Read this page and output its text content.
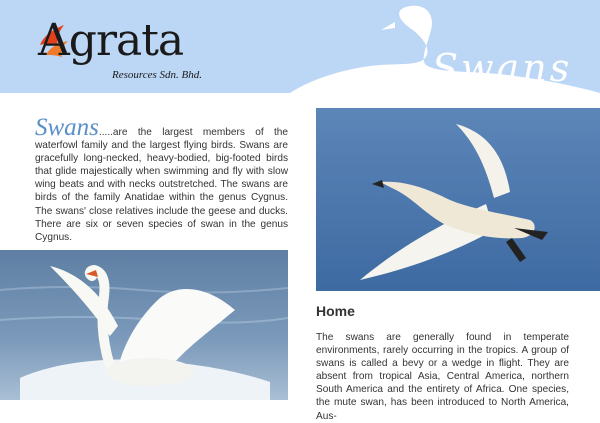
Agrata
Resources Sdn. Bhd.	Swans

Swans.....are the largest members of the waterfowl family and the largest flying birds. Swans are gracefully long-necked, heavy-bodied, big-footed birds that glide majestically when swimming and fly with slow wing beats and with necks outstretched. The swans are birds of the family Anatidae within the genus Cygnus. The swans' close relatives include the geese and ducks. There are six or seven species of swan in the genus Cygnus.

Home

The swans are generally found in temperate environments, rarely occurring in the tropics. A group of swans is called a bevy or a wedge in flight. They are absent from tropical Asia, Central America, northern South America and the entirety of Africa. One species, the mute swan, has been introduced to North America, Aus-
